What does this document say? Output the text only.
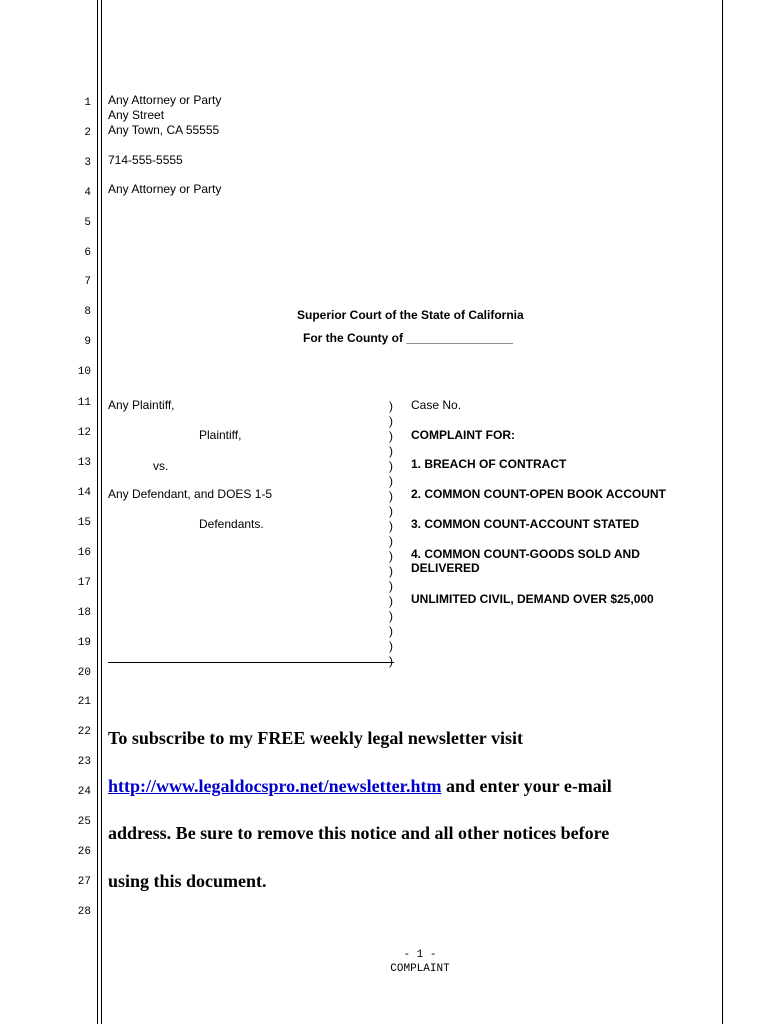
1
2
3
4
5
6
7
8
9
10
11
12
13
14
15
16
17
18
19
20
21
22
23
24
25
26
27
28
Any Attorney or Party
Any Street
Any Town, CA 55555
714-555-5555
Any Attorney or Party
Superior Court of the State of California
For the County of ________________
Any Plaintiff,
Plaintiff,
vs.
Any Defendant, and DOES 1-5
Defendants.
)
)
)
)
)
)
)
)
)
)
)
)
)
)
)
)
)
)
Case No.
COMPLAINT FOR:
1. BREACH OF CONTRACT
2. COMMON COUNT-OPEN BOOK ACCOUNT
3. COMMON COUNT-ACCOUNT STATED
4. COMMON COUNT-GOODS SOLD AND
DELIVERED
UNLIMITED CIVIL, DEMAND OVER $25,000
To subscribe to my FREE weekly legal newsletter visit
http://www.legaldocspro.net/newsletter.htm and enter your e-mail
address. Be sure to remove this notice and all other notices before
using this document.
- 1 -
COMPLAINT
